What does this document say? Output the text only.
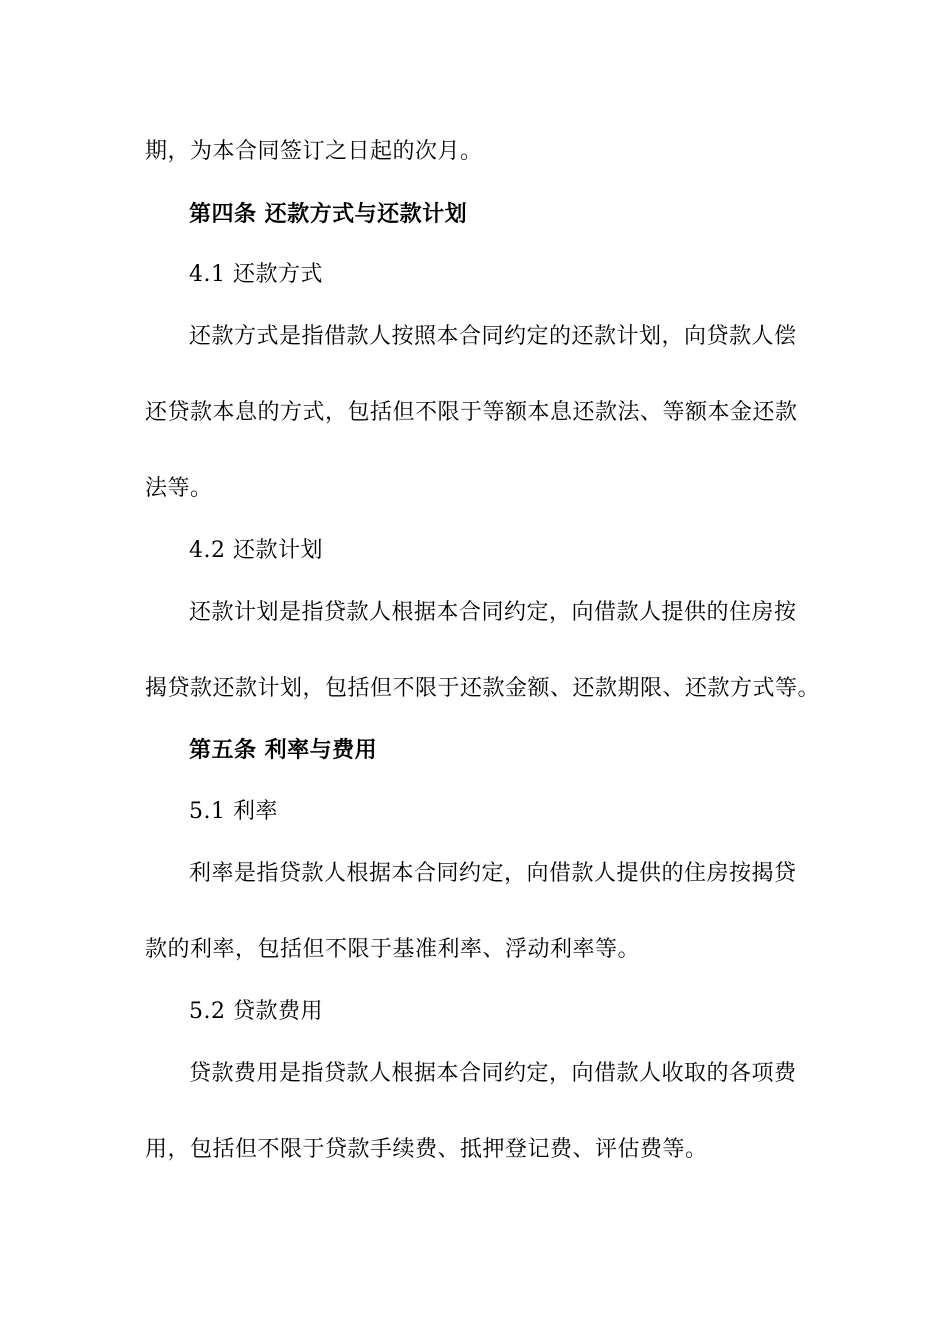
期，为本合同签订之日起的次月。
第四条 还款方式与还款计划
4.1 还款方式
还款方式是指借款人按照本合同约定的还款计划，向贷款人偿
还贷款本息的方式，包括但不限于等额本息还款法、等额本金还款
法等。
4.2 还款计划
还款计划是指贷款人根据本合同约定，向借款人提供的住房按
揭贷款还款计划，包括但不限于还款金额、还款期限、还款方式等。
第五条 利率与费用
5.1 利率
利率是指贷款人根据本合同约定，向借款人提供的住房按揭贷
款的利率，包括但不限于基准利率、浮动利率等。
5.2 贷款费用
贷款费用是指贷款人根据本合同约定，向借款人收取的各项费
用，包括但不限于贷款手续费、抵押登记费、评估费等。
